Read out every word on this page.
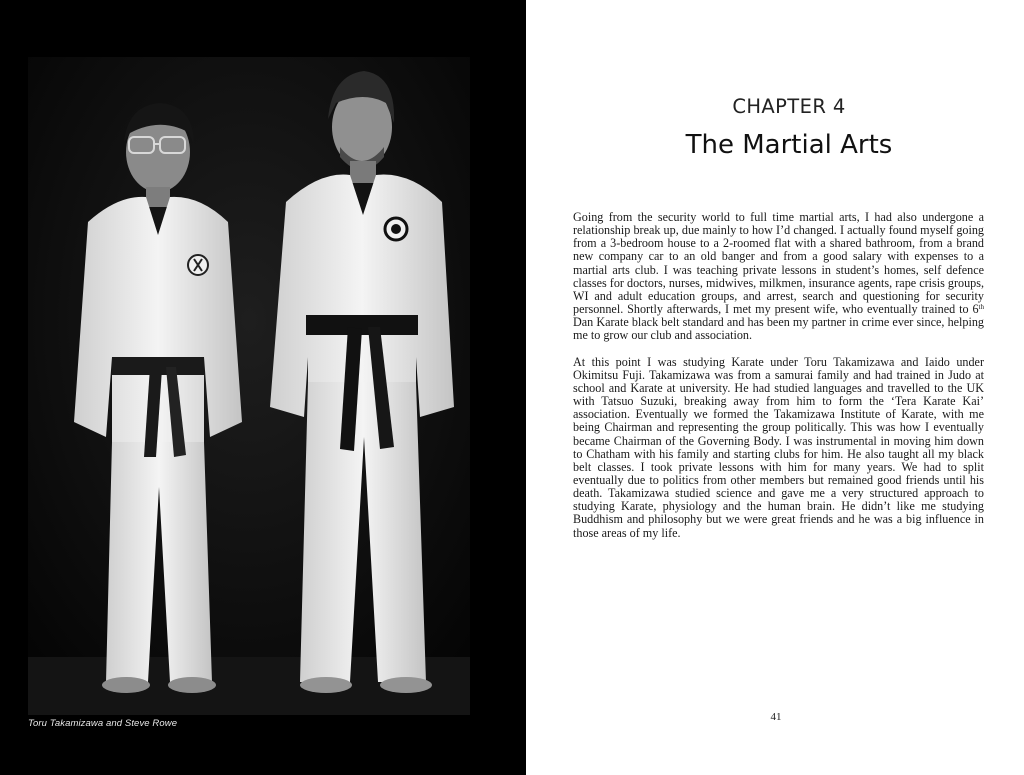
Toru Takamizawa and Steve Rowe
CHAPTER 4
The Martial Arts

Going from the security world to full time martial arts, I had also undergone a relationship break up, due mainly to how I’d changed. I actually found myself going from a 3-bedroom house to a 2-roomed flat with a shared bathroom, from a brand new company car to an old banger and from a good salary with expenses to a martial arts club. I was teaching private lessons in student’s homes, self defence classes for doctors, nurses, midwives, milkmen, insurance agents, rape crisis groups, WI and adult education groups, and arrest, search and questioning for security personnel. Shortly afterwards, I met my present wife, who eventually trained to 6th Dan Karate black belt standard and has been my partner in crime ever since, helping me to grow our club and association.

At this point I was studying Karate under Toru Takamizawa and Iaido under Okimitsu Fuji. Takamizawa was from a samurai family and had trained in Judo at school and Karate at university. He had studied languages and travelled to the UK with Tatsuo Suzuki, breaking away from him to form the ‘Tera Karate Kai’ association. Eventually we formed the Takamizawa Institute of Karate, with me being Chairman and representing the group politically. This was how I eventually became Chairman of the Governing Body. I was instrumental in moving him down to Chatham with his family and starting clubs for him. He also taught all my black belt classes. I took private lessons with him for many years. We had to split eventually due to politics from other members but remained good friends until his death. Takamizawa studied science and gave me a very structured approach to studying Karate, physiology and the human brain. He didn’t like me studying Buddhism and philosophy but we were great friends and he was a big influence in those areas of my life.

41
